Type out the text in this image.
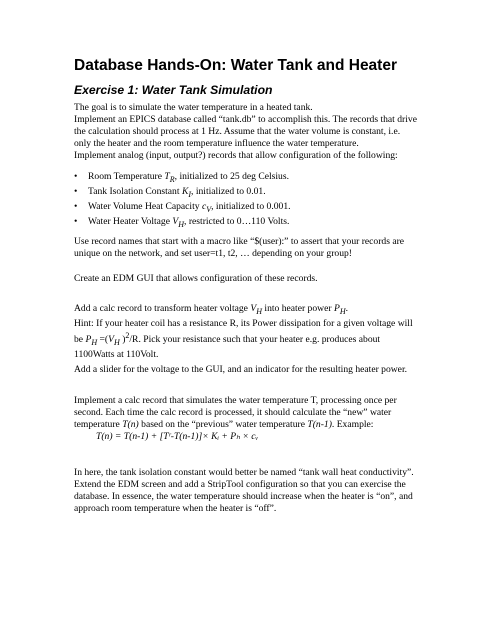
Database Hands-On: Water Tank and Heater
Exercise 1: Water Tank Simulation
The goal is to simulate the water temperature in a heated tank.
Implement an EPICS database called “tank.db” to accomplish this. The records that drive
the calculation should process at 1 Hz. Assume that the water volume is constant, i.e.
only the heater and the room temperature influence the water temperature.
Implement analog (input, output?) records that allow configuration of the following:
• Room Temperature $T_R$, initialized to 25 deg Celsius.
• Tank Isolation Constant $K_I$, initialized to 0.01.
• Water Volume Heat Capacity $c_V$, initialized to 0.001.
• Water Heater Voltage $V_H$, restricted to 0…110 Volts.
Use record names that start with a macro like “$(user):” to assert that your records are
unique on the network, and set user=t1, t2, … depending on your group!
Create an EDM GUI that allows configuration of these records.
Add a calc record to transform heater voltage $V_H$ into heater power $P_H$.
Hint: If your heater coil has a resistance R, its Power dissipation for a given voltage will
be $P_H =(V_H$ )$^2$/R. Pick your resistance such that your heater e.g. produces about
1100Watts at 110Volt.
Add a slider for the voltage to the GUI, and an indicator for the resulting heater power.
Implement a calc record that simulates the water temperature T, processing once per
second. Each time the calc record is processed, it should calculate the “new” water
temperature T(n) based on the “previous” water temperature T(n-1). Example:
T(n) = T(n-1) + [Tʳ-T(n-1)]× Kᵢ + Pₕ × cᵥ
In here, the tank isolation constant would better be named “tank wall heat conductivity”.
Extend the EDM screen and add a StripTool configuration so that you can exercise the
database. In essence, the water temperature should increase when the heater is “on”, and
approach room temperature when the heater is “off”.
